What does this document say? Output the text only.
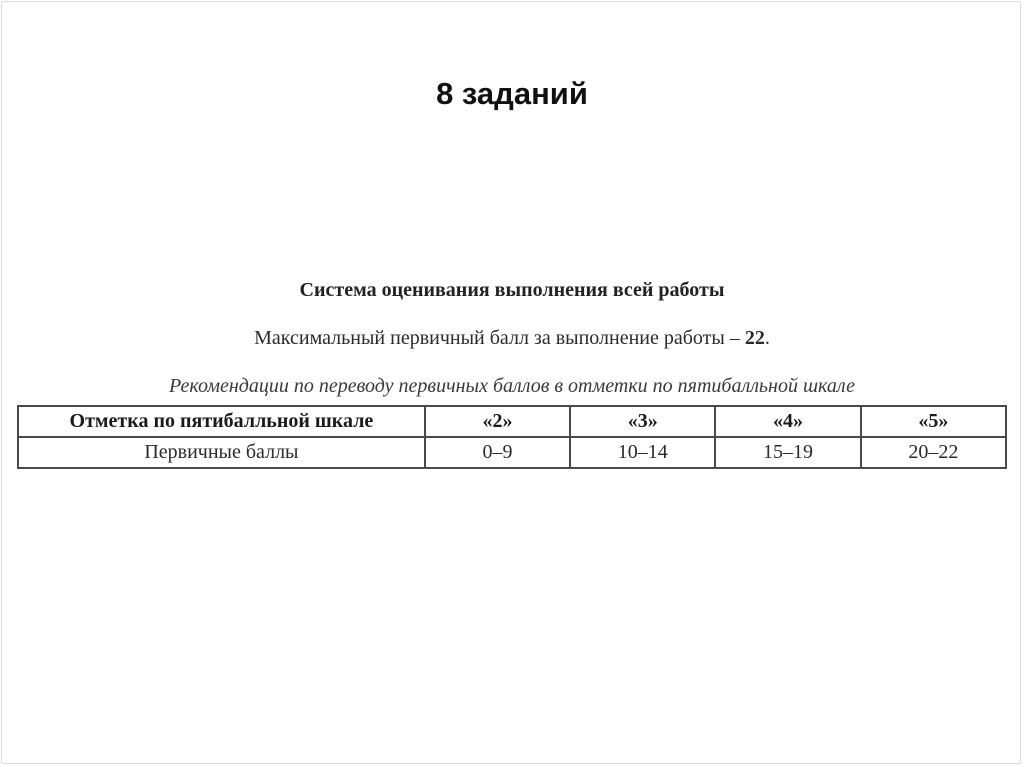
8 заданий
Система оценивания выполнения всей работы
Максимальный первичный балл за выполнение работы – 22.
Рекомендации по переводу первичных баллов в отметки по пятибалльной шкале
Отметка по пятибалльной шкале	«2»	«3»	«4»	«5»
Первичные баллы	0–9	10–14	15–19	20–22
